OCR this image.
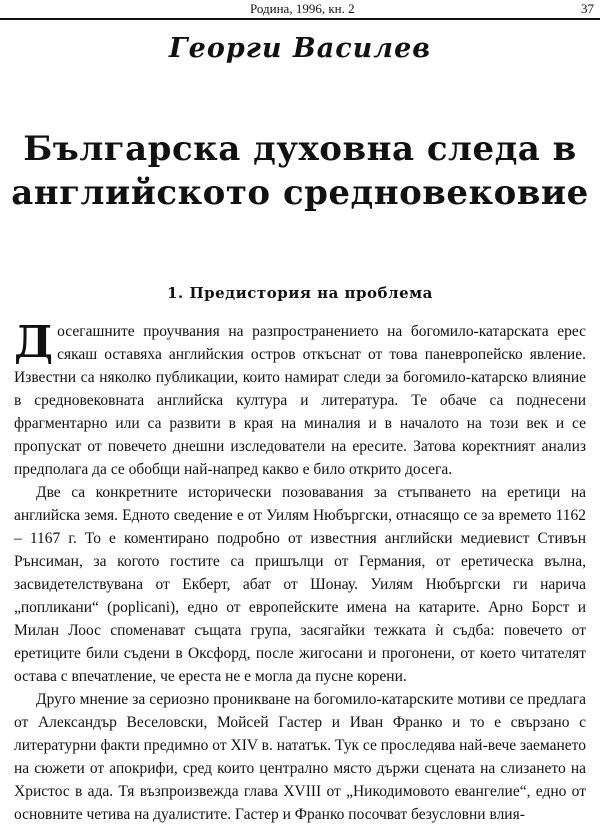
Родина, 1996, кн. 2	37
Георги Василев
Българска духовна следа в
английското средновековие
1. Предистория на проблема

Досегашните проучвания на разпространението на богомило-катарската ерес сякаш оставяха английския остров откъснат от това паневропейско явление. Известни са няколко публикации, които намират следи за богомило-катарско влияние в средновековната английска култура и литература. Те обаче са поднесени фрагментарно или са развити в края на миналия и в началото на този век и се пропускат от повечето днешни изследователи на ересите. Затова коректният анализ предполага да се обобщи най-напред какво е било открито досега.

Две са конкретните исторически позовавания за стъпването на еретици на английска земя. Едното сведение е от Уилям Нюбъргски, отнасящо се за времето 1162 – 1167 г. То е коментирано подробно от известния английски медиевист Стивън Рънсиман, за когото гостите са пришълци от Германия, от еретическа вълна, засвидетелствувана от Екберт, абат от Шонау. Уилям Нюбъргски ги нарича „попликани“ (poplicani), едно от европейските имена на катарите. Арно Борст и Милан Лоос споменават същата група, засягайки тежката ѝ съдба: повечето от еретиците били съдени в Оксфорд, после жигосани и прогонени, от което читателят остава с впечатление, че ереста не е могла да пусне корени.

Друго мнение за сериозно проникване на богомило-катарските мотиви се предлага от Александър Веселовски, Мойсей Гастер и Иван Франко и то е свързано с литературни факти предимно от XIV в. нататък. Тук се проследява най-вече заемането на сюжети от апокрифи, сред които централно място държи сцената на слизането на Христос в ада. Тя възпроизвежда глава XVIII от „Никодимовото евангелие“, едно от основните четива на дуалистите. Гастер и Франко посочват безусловни влия-
